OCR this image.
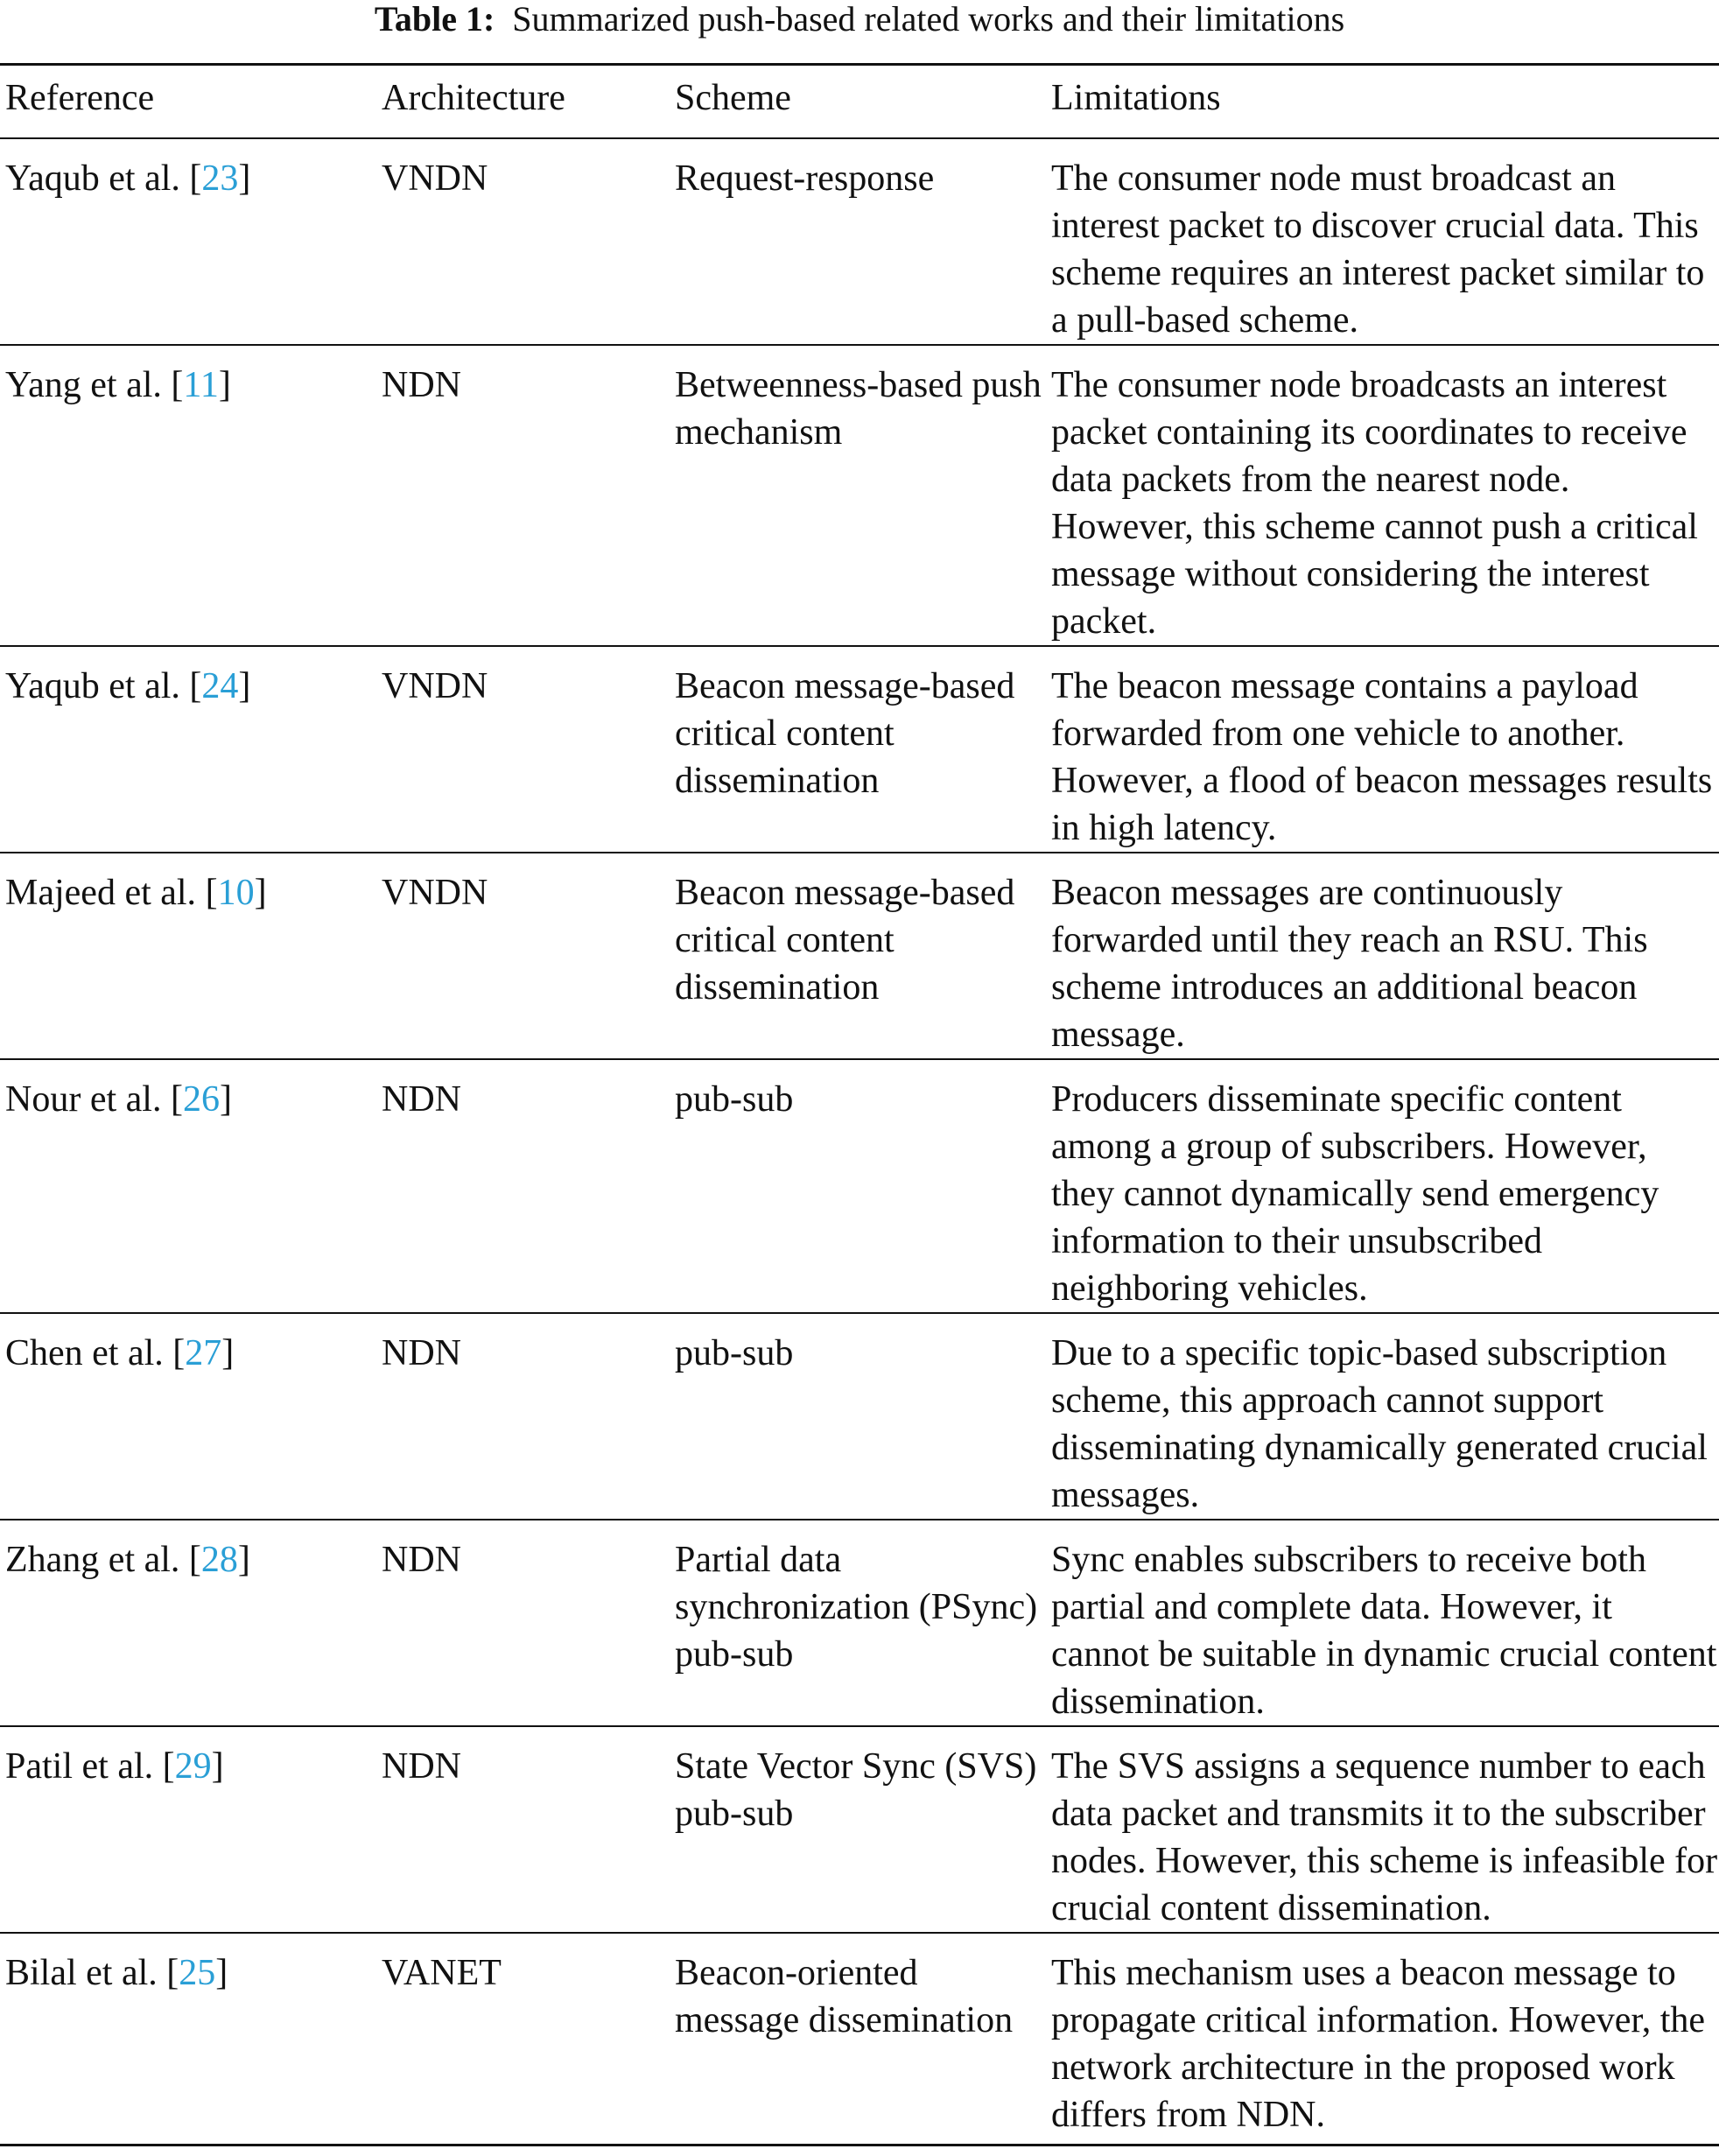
Table 1: Summarized push-based related works and their limitations
Reference	Architecture	Scheme	Limitations
Yaqub et al. [23]	VNDN	Request-response	The consumer node must broadcast an interest packet to discover crucial data. This scheme requires an interest packet similar to a pull-based scheme.
Yang et al. [11]	NDN	Betweenness-based push mechanism	The consumer node broadcasts an interest packet containing its coordinates to receive data packets from the nearest node. However, this scheme cannot push a critical message without considering the interest packet.
Yaqub et al. [24]	VNDN	Beacon message-based critical content dissemination	The beacon message contains a payload forwarded from one vehicle to another. However, a flood of beacon messages results in high latency.
Majeed et al. [10]	VNDN	Beacon message-based critical content dissemination	Beacon messages are continuously forwarded until they reach an RSU. This scheme introduces an additional beacon message.
Nour et al. [26]	NDN	pub-sub	Producers disseminate specific content among a group of subscribers. However, they cannot dynamically send emergency information to their unsubscribed neighboring vehicles.
Chen et al. [27]	NDN	pub-sub	Due to a specific topic-based subscription scheme, this approach cannot support disseminating dynamically generated crucial messages.
Zhang et al. [28]	NDN	Partial data synchronization (PSync) pub-sub	Sync enables subscribers to receive both partial and complete data. However, it cannot be suitable in dynamic crucial content dissemination.
Patil et al. [29]	NDN	State Vector Sync (SVS) pub-sub	The SVS assigns a sequence number to each data packet and transmits it to the subscriber nodes. However, this scheme is infeasible for crucial content dissemination.
Bilal et al. [25]	VANET	Beacon-oriented message dissemination	This mechanism uses a beacon message to propagate critical information. However, the network architecture in the proposed work differs from NDN.
